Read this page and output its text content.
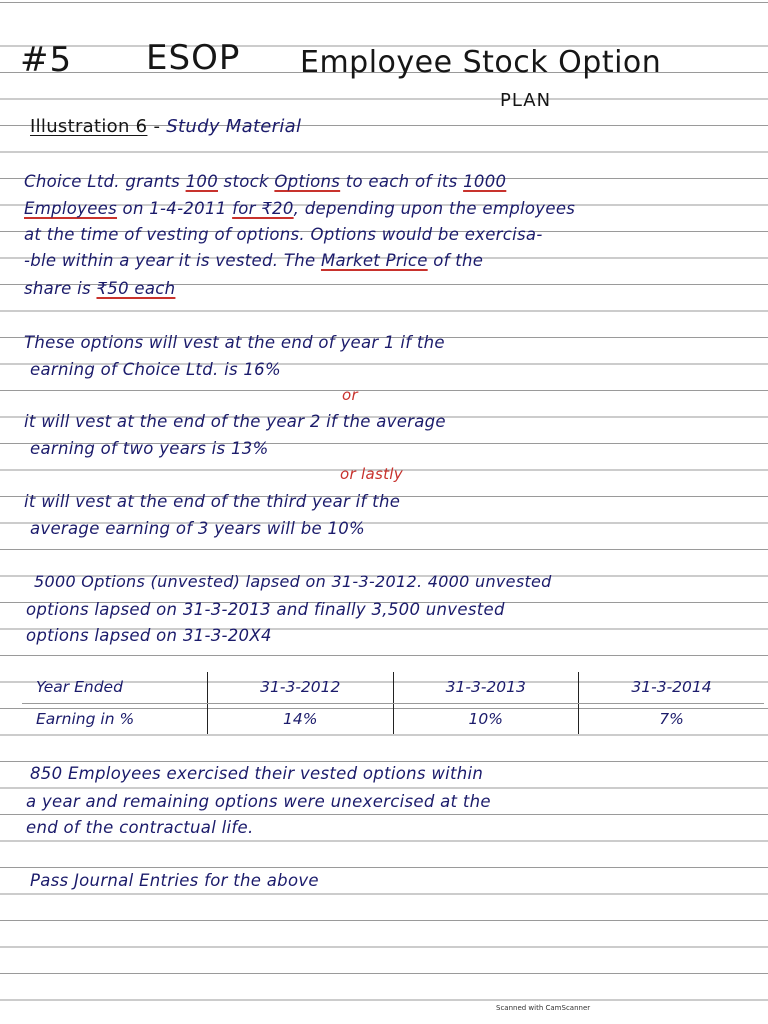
#5 ESOP Employee Stock Option
PLAN
Illustration 6 - Study Material
Choice Ltd. grants 100 stock Options to each of its 1000
Employees on 1-4-2011 for ₹20, depending upon the employees
at the time of vesting of options. Options would be exercisa-
-ble within a year it is vested. The Market Price of the
share is ₹50 each
These options will vest at the end of year 1 if the
earning of Choice Ltd. is 16%
or
it will vest at the end of the year 2 if the average
earning of two years is 13%
or lastly
it will vest at the end of the third year if the
average earning of 3 years will be 10%
5000 Options (unvested) lapsed on 31-3-2012. 4000 unvested
options lapsed on 31-3-2013 and finally 3,500 unvested
options lapsed on 31-3-20X4
Year Ended	31-3-2012	31-3-2013	31-3-2014
Earning in %	14%	10%	7%
850 Employees exercised their vested options within
a year and remaining options were unexercised at the
end of the contractual life.
Pass Journal Entries for the above
Scanned with CamScanner
